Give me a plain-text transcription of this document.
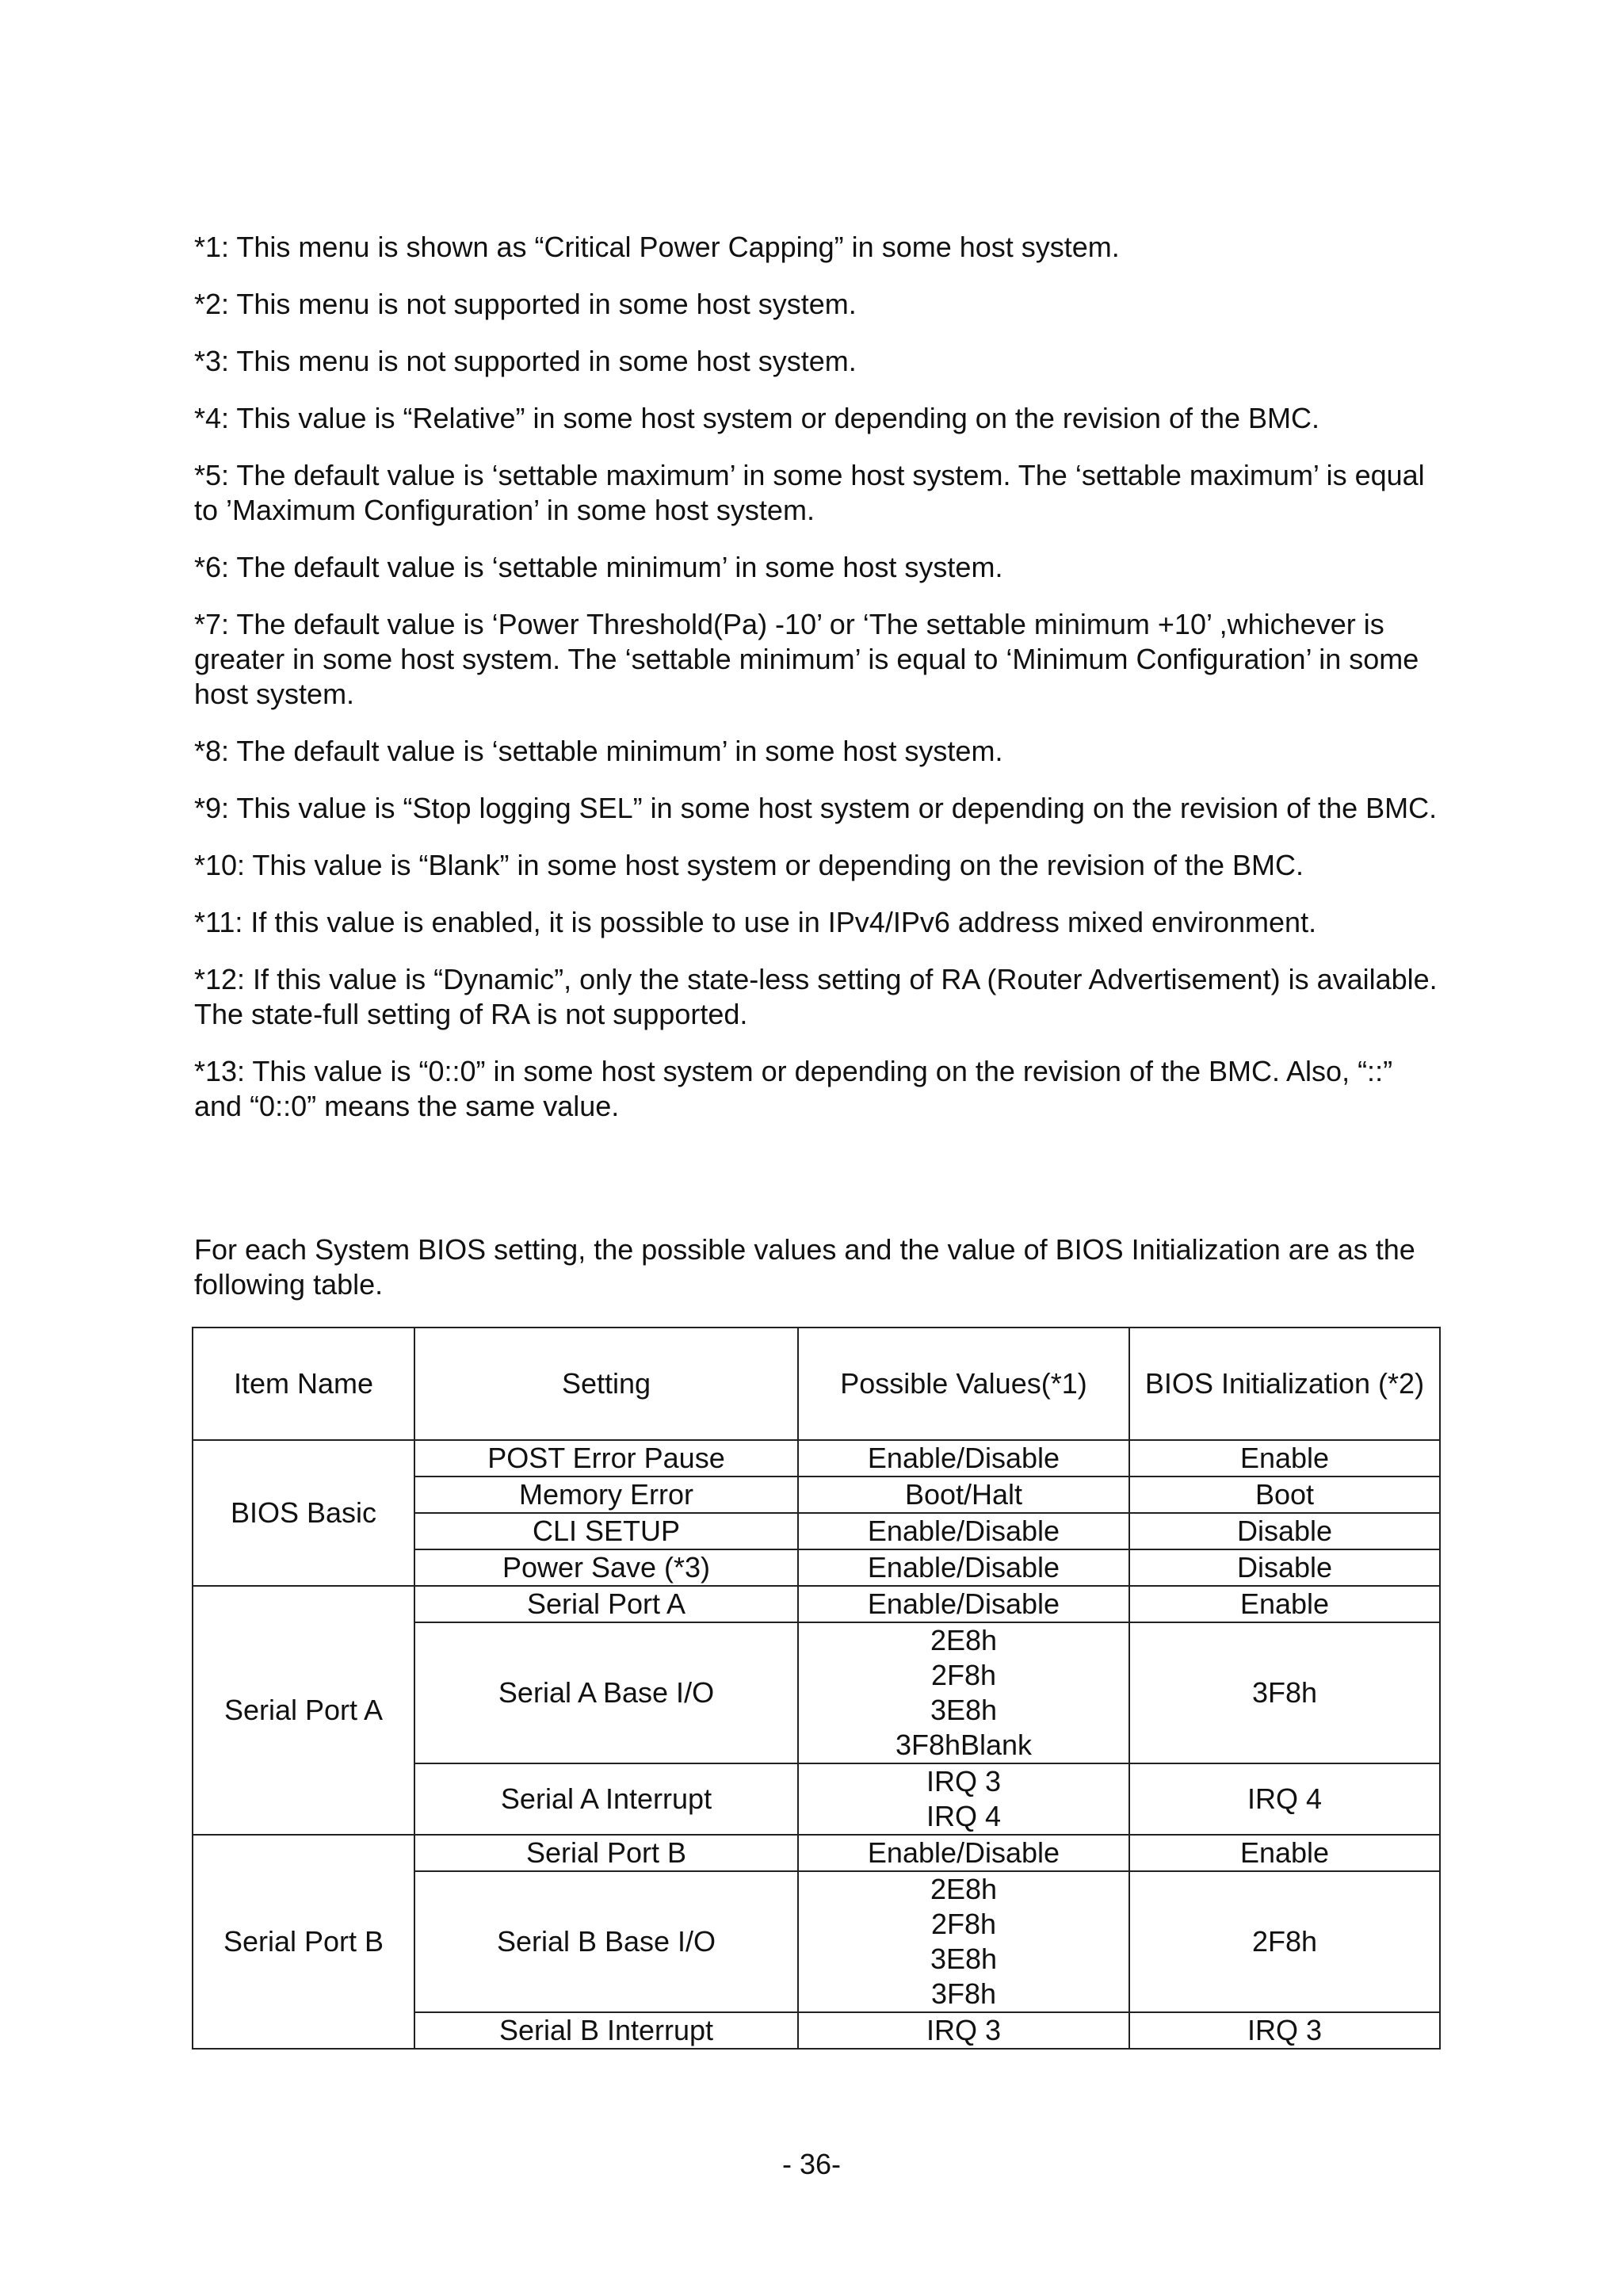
*1: This menu is shown as “Critical Power Capping” in some host system.

*2: This menu is not supported in some host system.

*3: This menu is not supported in some host system.

*4: This value is “Relative” in some host system or depending on the revision of the BMC.

*5: The default value is ‘settable maximum’ in some host system. The ‘settable maximum’ is equal to ’Maximum Configuration’ in some host system.

*6: The default value is ‘settable minimum’ in some host system.

*7: The default value is ‘Power Threshold(Pa) -10’ or ‘The settable minimum +10’ ,whichever is greater in some host system. The ‘settable minimum’ is equal to ‘Minimum Configuration’ in some host system.

*8: The default value is ‘settable minimum’ in some host system.

*9: This value is “Stop logging SEL” in some host system or depending on the revision of the BMC.

*10: This value is “Blank” in some host system or depending on the revision of the BMC.

*11: If this value is enabled, it is possible to use in IPv4/IPv6 address mixed environment.

*12: If this value is “Dynamic”, only the state-less setting of RA (Router Advertisement) is available. The state-full setting of RA is not supported.

*13: This value is “0::0” in some host system or depending on the revision of the BMC. Also, “::” and “0::0” means the same value.

For each System BIOS setting, the possible values and the value of BIOS Initialization are as the following table.

Item Name	Setting	Possible Values(*1)	BIOS Initialization (*2)
BIOS Basic	POST Error Pause	Enable/Disable	Enable
	Memory Error	Boot/Halt	Boot
	CLI SETUP	Enable/Disable	Disable
	Power Save (*3)	Enable/Disable	Disable
Serial Port A	Serial Port A	Enable/Disable	Enable
	Serial A Base I/O	2E8h
2F8h
3E8h
3F8hBlank	3F8h
	Serial A Interrupt	IRQ 3
IRQ 4	IRQ 4
Serial Port B	Serial Port B	Enable/Disable	Enable
	Serial B Base I/O	2E8h
2F8h
3E8h
3F8h	2F8h
	Serial B Interrupt	IRQ 3	IRQ 3
- 36-
